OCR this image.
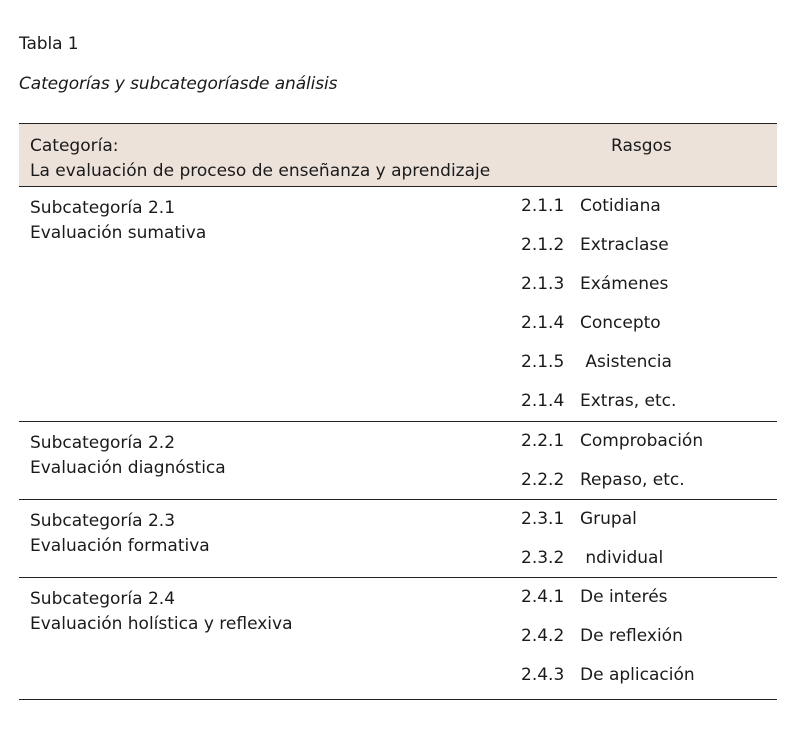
Tabla 1
Categorías y subcategoríasde análisis
Categoría:
La evaluación de proceso de enseñanza y aprendizaje
Rasgos
Subcategoría 2.1
Evaluación sumativa
2.1.1 Cotidiana
2.1.2 Extraclase
2.1.3 Exámenes
2.1.4 Concepto
2.1.5 Asistencia
2.1.4 Extras, etc.
Subcategoría 2.2
Evaluación diagnóstica
2.2.1 Comprobación
2.2.2 Repaso, etc.
Subcategoría 2.3
Evaluación formativa
2.3.1 Grupal
2.3.2 ndividual
Subcategoría 2.4
Evaluación holística y reflexiva
2.4.1 De interés
2.4.2 De reflexión
2.4.3 De aplicación
